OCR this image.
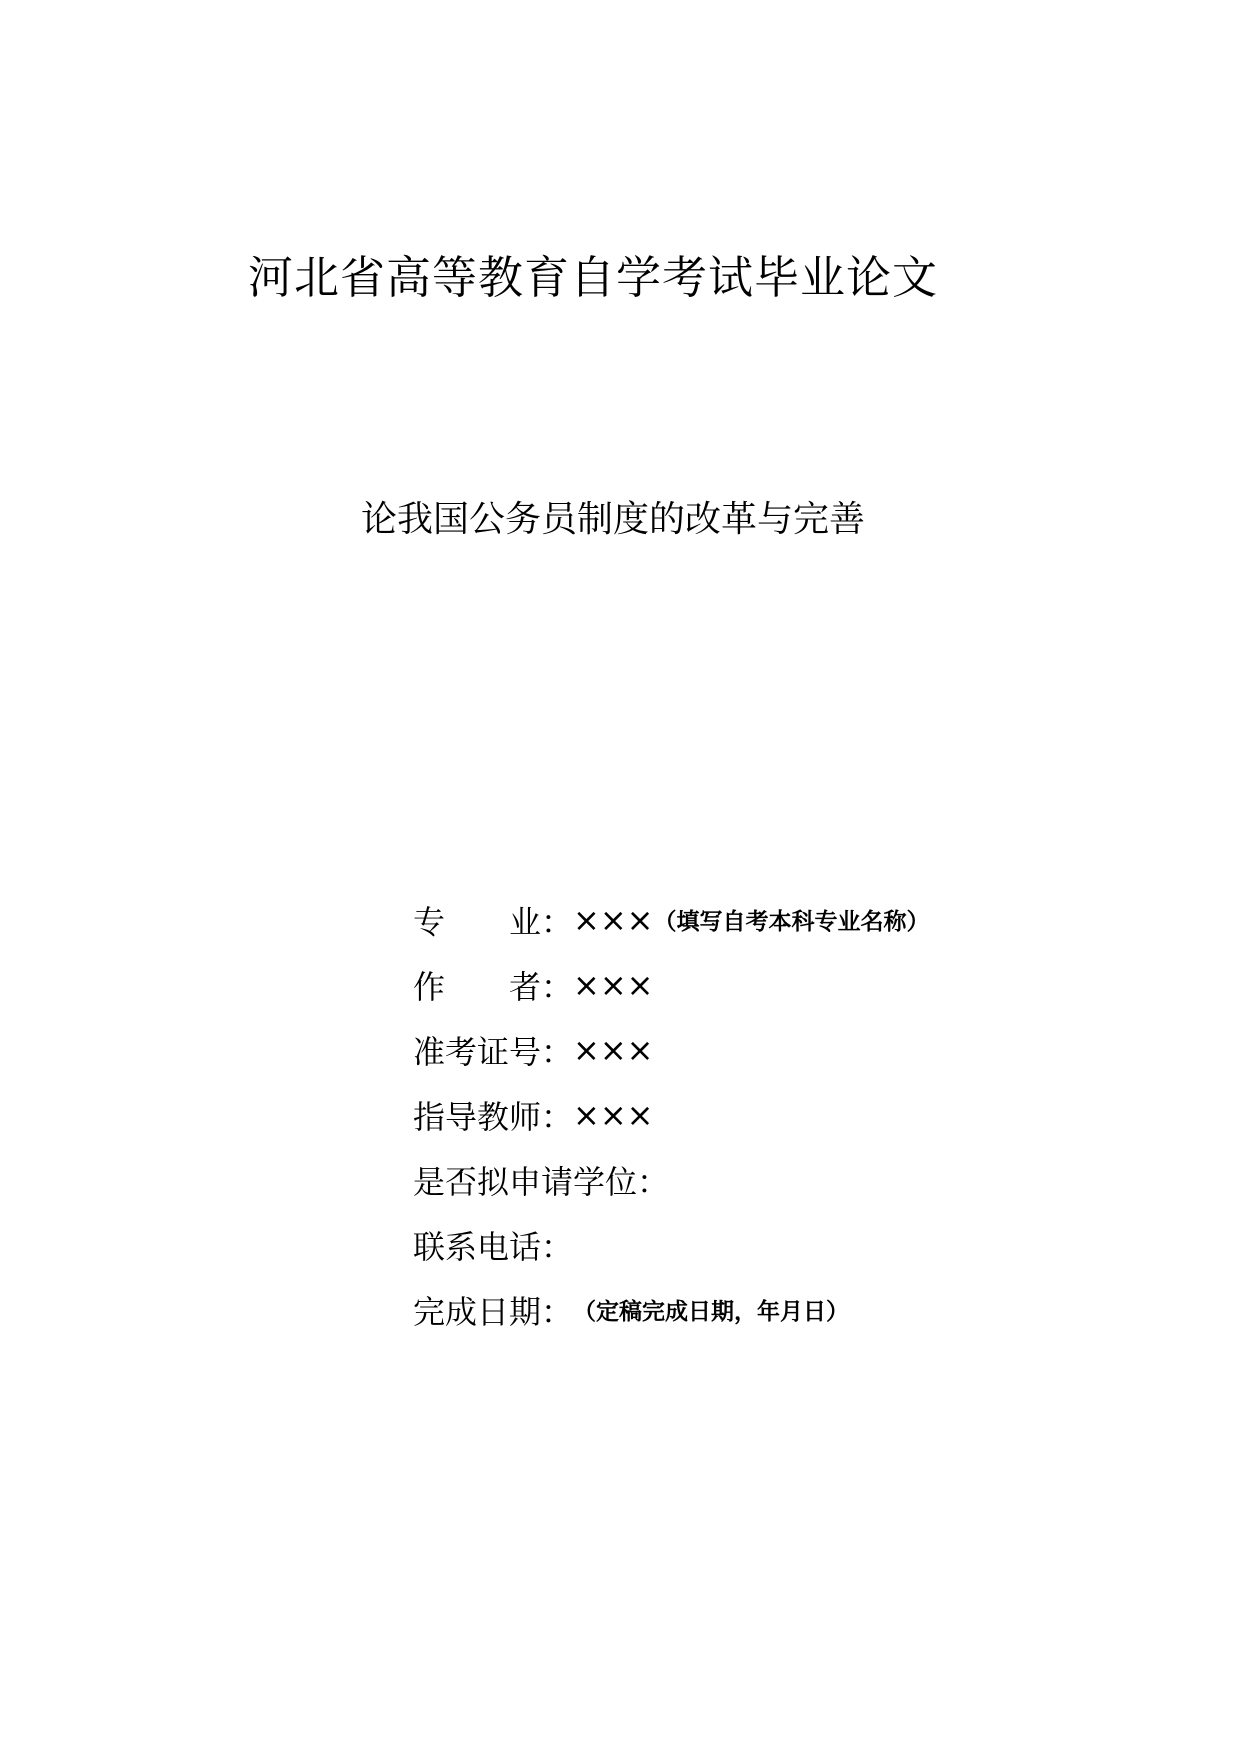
河北省高等教育自学考试毕业论文
论我国公务员制度的改革与完善
专 业 ： ××× （填写自考本科专业名称）
作 者 ： ×××
准考证号 ： ×××
指导教师 ： ×××
是否拟申请学位 ：
联系电话 ：
完成日期 ： （定稿完成日期，年月日）
